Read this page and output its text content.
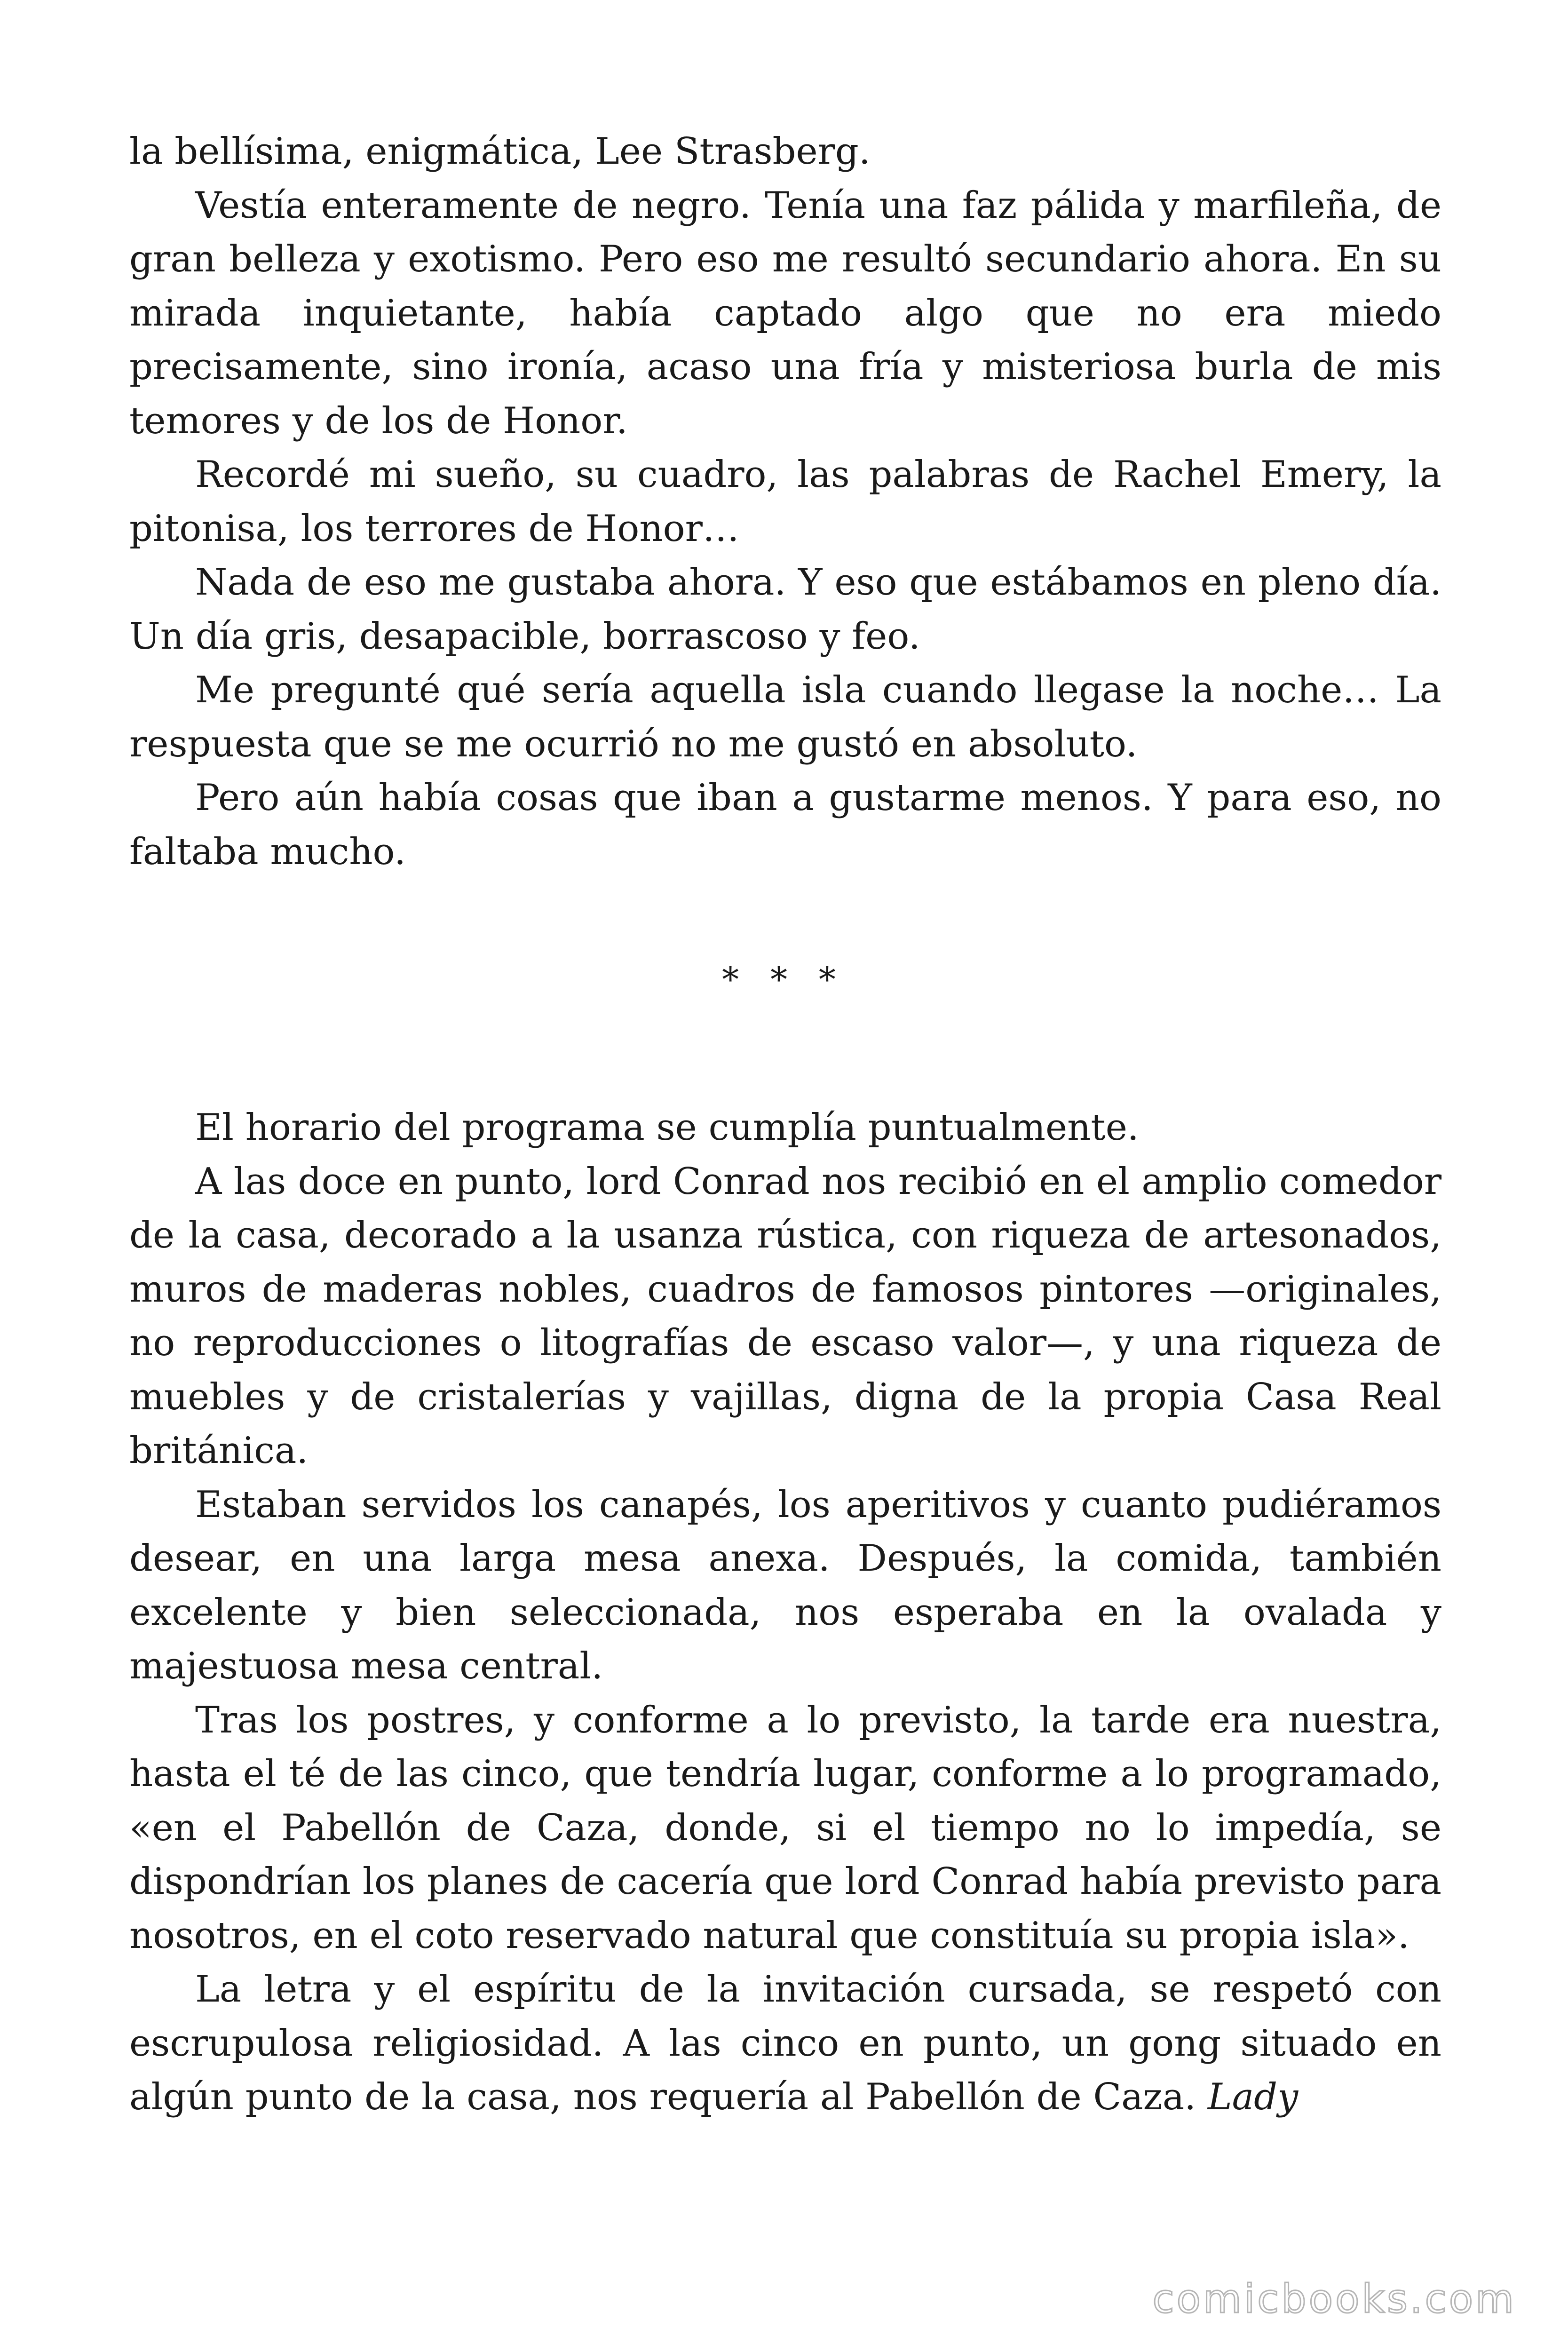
la bellísima, enigmática, Lee Strasberg.

Vestía enteramente de negro. Tenía una faz pálida y marfileña, de gran belleza y exotismo. Pero eso me resultó secundario ahora. En su mirada inquietante, había captado algo que no era miedo precisamente, sino ironía, acaso una fría y misteriosa burla de mis temores y de los de Honor.

Recordé mi sueño, su cuadro, las palabras de Rachel Emery, la pitonisa, los terrores de Honor…

Nada de eso me gustaba ahora. Y eso que estábamos en pleno día. Un día gris, desapacible, borrascoso y feo.

Me pregunté qué sería aquella isla cuando llegase la noche… La respuesta que se me ocurrió no me gustó en absoluto.

Pero aún había cosas que iban a gustarme menos. Y para eso, no faltaba mucho.

* * *

El horario del programa se cumplía puntualmente.

A las doce en punto, lord Conrad nos recibió en el amplio comedor de la casa, decorado a la usanza rústica, con riqueza de artesonados, muros de maderas nobles, cuadros de famosos pintores —originales, no reproducciones o litografías de escaso valor—, y una riqueza de muebles y de cristalerías y vajillas, digna de la propia Casa Real británica.

Estaban servidos los canapés, los aperitivos y cuanto pudiéramos desear, en una larga mesa anexa. Después, la comida, también excelente y bien seleccionada, nos esperaba en la ovalada y majestuosa mesa central.

Tras los postres, y conforme a lo previsto, la tarde era nuestra, hasta el té de las cinco, que tendría lugar, conforme a lo programado, «en el Pabellón de Caza, donde, si el tiempo no lo impedía, se dispondrían los planes de cacería que lord Conrad había previsto para nosotros, en el coto reservado natural que constituía su propia isla».

La letra y el espíritu de la invitación cursada, se respetó con escrupulosa religiosidad. A las cinco en punto, un gong situado en algún punto de la casa, nos requería al Pabellón de Caza. Lady

comicbooks.com
